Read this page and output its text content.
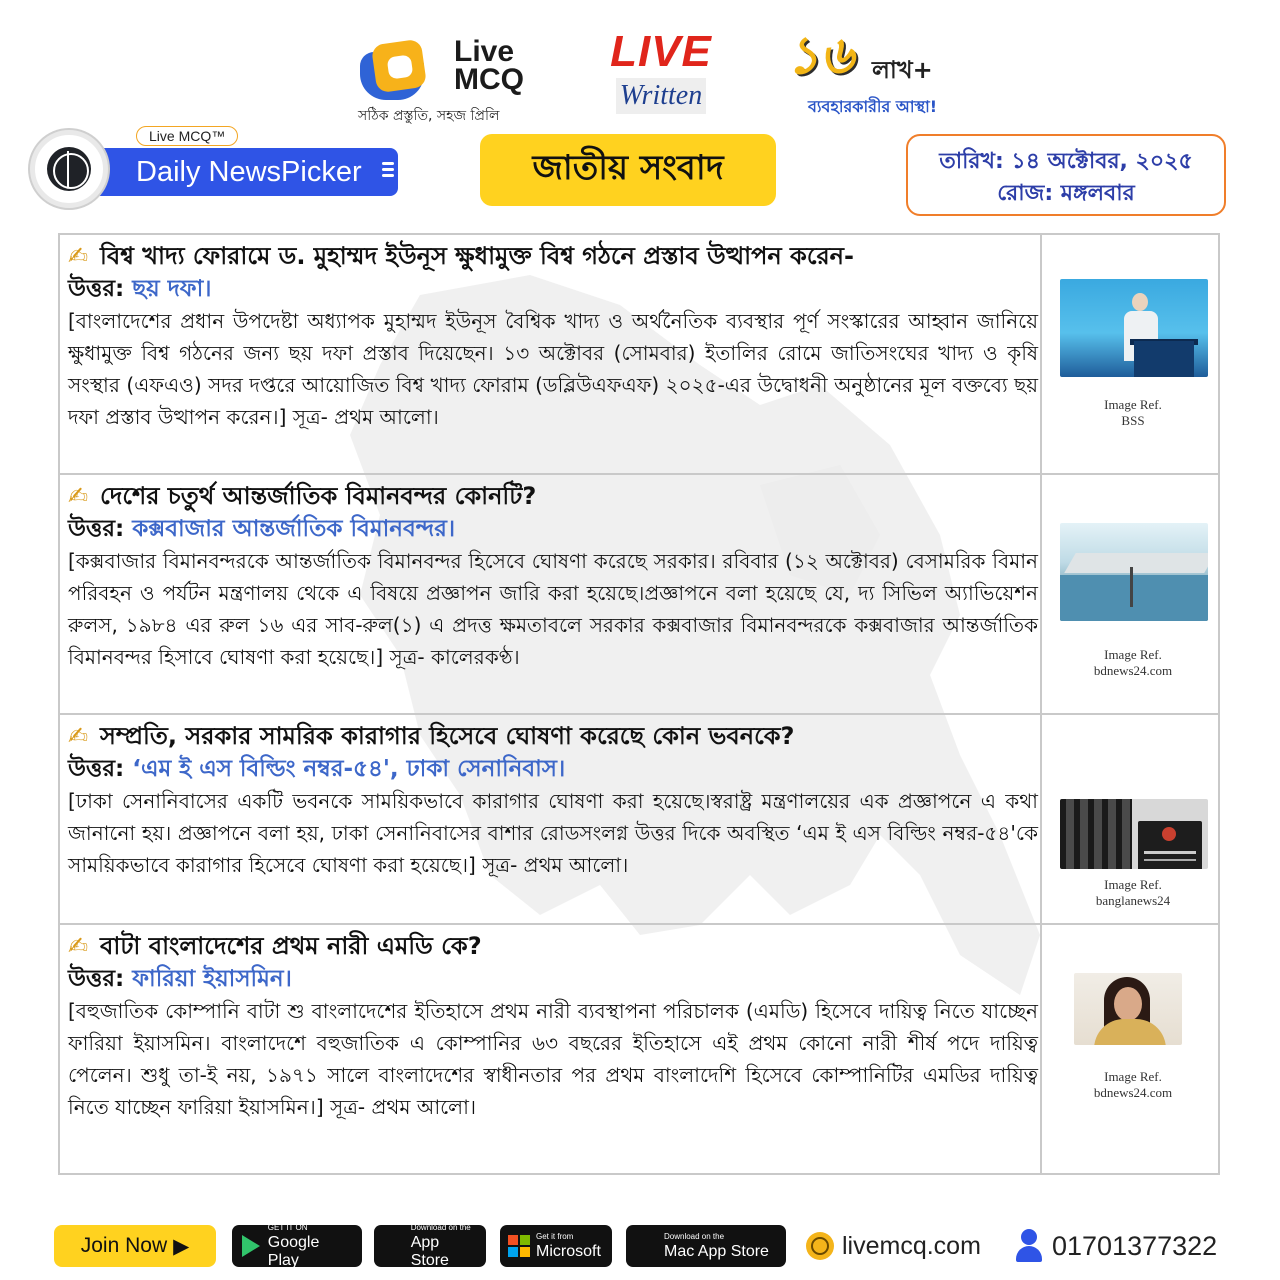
Live
MCQ
সঠিক প্রস্তুতি, সহজ প্রিলি
LIVE
Written
১৬ লাখ+
ব্যবহারকারীর আস্থা!
Daily NewsPicker
Live MCQ™
জাতীয় সংবাদ	তারিখ: ১৪ অক্টোবর, ২০২৫
রোজ: মঙ্গলবার
✍ বিশ্ব খাদ্য ফোরামে ড. মুহাম্মদ ইউনূস ক্ষুধামুক্ত বিশ্ব গঠনে প্রস্তাব উত্থাপন করেন-
উত্তর: ছয় দফা।
[বাংলাদেশের প্রধান উপদেষ্টা অধ্যাপক মুহাম্মদ ইউনূস বৈশ্বিক খাদ্য ও অর্থনৈতিক ব্যবস্থার পূর্ণ সংস্কারের আহ্বান জানিয়ে ক্ষুধামুক্ত বিশ্ব গঠনের জন্য ছয় দফা প্রস্তাব দিয়েছেন। ১৩ অক্টোবর (সোমবার) ইতালির রোমে জাতিসংঘের খাদ্য ও কৃষি সংস্থার (এফএও) সদর দপ্তরে আয়োজিত বিশ্ব খাদ্য ফোরাম (ডব্লিউএফএফ) ২০২৫-এর উদ্বোধনী অনুষ্ঠানের মূল বক্তব্যে ছয় দফা প্রস্তাব উত্থাপন করেন।] সূত্র- প্রথম আলো।
Image Ref.
BSS
✍ দেশের চতুর্থ আন্তর্জাতিক বিমানবন্দর কোনটি?
উত্তর: কক্সবাজার আন্তর্জাতিক বিমানবন্দর।
[কক্সবাজার বিমানবন্দরকে আন্তর্জাতিক বিমানবন্দর হিসেবে ঘোষণা করেছে সরকার। রবিবার (১২ অক্টোবর) বেসামরিক বিমান পরিবহন ও পর্যটন মন্ত্রণালয় থেকে এ বিষয়ে প্রজ্ঞাপন জারি করা হয়েছে।প্রজ্ঞাপনে বলা হয়েছে যে, দ্য সিভিল অ্যাভিয়েশন রুলস, ১৯৮৪ এর রুল ১৬ এর সাব-রুল(১) এ প্রদত্ত ক্ষমতাবলে সরকার কক্সবাজার বিমানবন্দরকে কক্সবাজার আন্তর্জাতিক বিমানবন্দর হিসাবে ঘোষণা করা হয়েছে।] সূত্র- কালেরকণ্ঠ।	Image Ref.
bdnews24.com
✍ সম্প্রতি, সরকার সামরিক কারাগার হিসেবে ঘোষণা করেছে কোন ভবনকে?
উত্তর: ‘এম ই এস বিল্ডিং নম্বর-৫৪', ঢাকা সেনানিবাস।
[ঢাকা সেনানিবাসের একটি ভবনকে সাময়িকভাবে কারাগার ঘোষণা করা হয়েছে।স্বরাষ্ট্র মন্ত্রণালয়ের এক প্রজ্ঞাপনে এ কথা জানানো হয়। প্রজ্ঞাপনে বলা হয়, ঢাকা সেনানিবাসের বাশার রোডসংলগ্ন উত্তর দিকে অবস্থিত ‘এম ই এস বিল্ডিং নম্বর-৫৪'কে সাময়িকভাবে কারাগার হিসেবে ঘোষণা করা হয়েছে।] সূত্র- প্রথম আলো।
Image Ref.
banglanews24
✍ বাটা বাংলাদেশের প্রথম নারী এমডি কে?
উত্তর: ফারিয়া ইয়াসমিন।
[বহুজাতিক কোম্পানি বাটা শু বাংলাদেশের ইতিহাসে প্রথম নারী ব্যবস্থাপনা পরিচালক (এমডি) হিসেবে দায়িত্ব নিতে যাচ্ছেন ফারিয়া ইয়াসমিন। বাংলাদেশে বহুজাতিক এ কোম্পানির ৬৩ বছরের ইতিহাসে এই প্রথম কোনো নারী শীর্ষ পদে দায়িত্ব পেলেন। শুধু তা-ই নয়, ১৯৭১ সালে বাংলাদেশের স্বাধীনতার পর প্রথম বাংলাদেশি হিসেবে কোম্পানিটির এমডির দায়িত্ব নিতে যাচ্ছেন ফারিয়া ইয়াসমিন।] সূত্র- প্রথম আলো।
Image Ref.
bdnews24.com
Join Now ▶
GET IT ON
Google Play
Download on the
App Store
Get it from
Microsoft
Download on the
Mac App Store	livemcq.com	01701377322
